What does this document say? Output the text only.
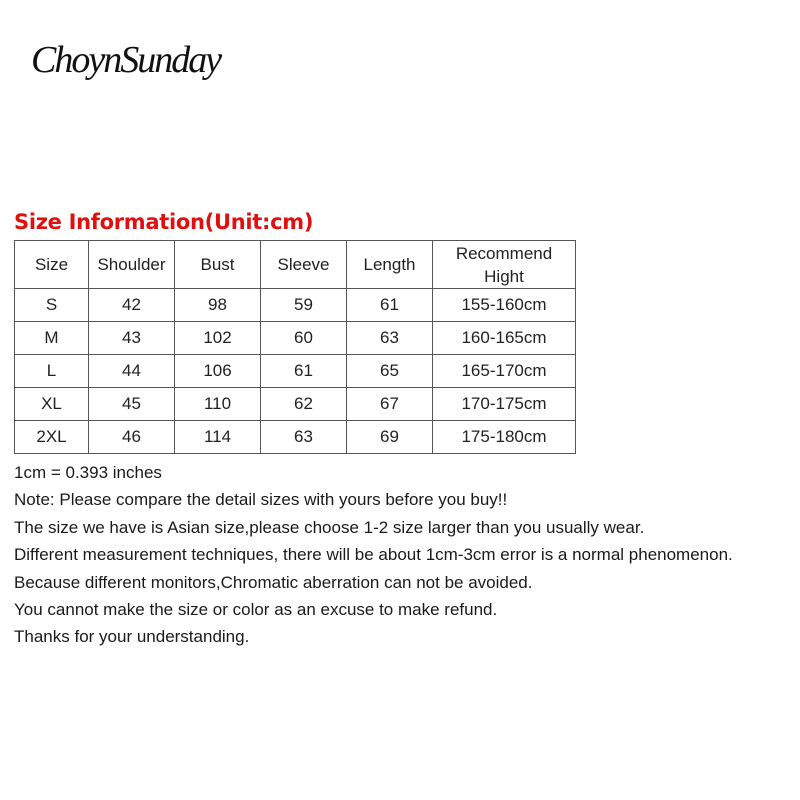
ChoynSunday
Size Information(Unit:cm)
Size	Shoulder	Bust	Sleeve	Length	Recommend
Hight
S	42	98	59	61	155-160cm
M	43	102	60	63	160-165cm
L	44	106	61	65	165-170cm
XL	45	110	62	67	170-175cm
2XL	46	114	63	69	175-180cm
1cm = 0.393 inches
Note: Please compare the detail sizes with yours before you buy!!
The size we have is Asian size,please choose 1-2 size larger than you usually wear.
Different measurement techniques, there will be about 1cm-3cm error is a normal phenomenon.
Because different monitors,Chromatic aberration can not be avoided.
You cannot make the size or color as an excuse to make refund.
Thanks for your understanding.
